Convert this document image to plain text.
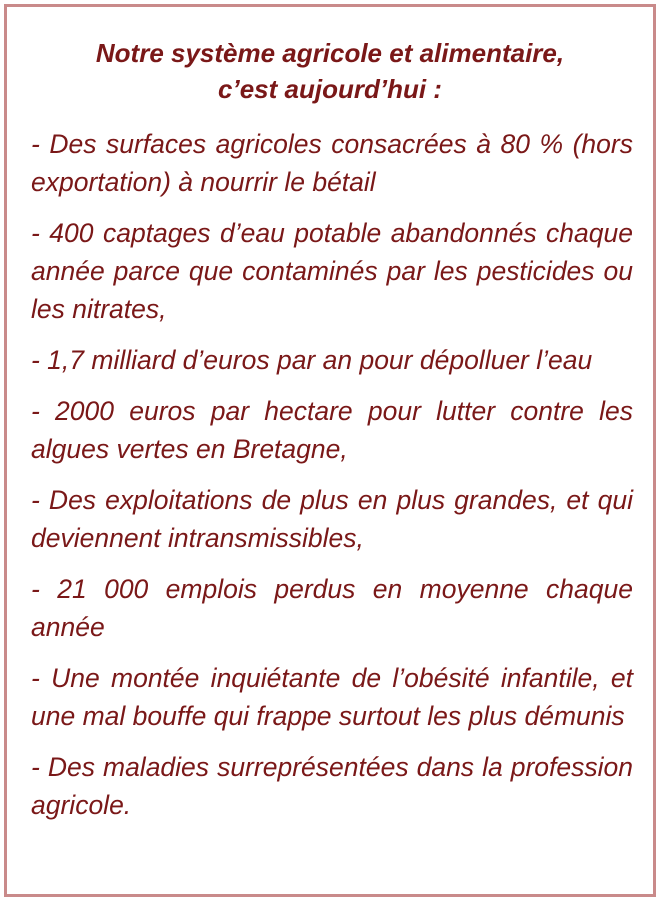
Notre système agricole et alimentaire,
c’est aujourd’hui :
- Des surfaces agricoles consacrées à 80 % (hors exportation) à nourrir le bétail
- 400 captages d’eau potable abandonnés chaque année parce que contaminés par les pesticides ou les nitrates,
- 1,7 milliard d’euros par an pour dépolluer l’eau
- 2000 euros par hectare pour lutter contre les algues vertes en Bretagne,
- Des exploitations de plus en plus grandes, et qui deviennent intransmissibles,
- 21 000 emplois perdus en moyenne chaque année
- Une montée inquiétante de l’obésité infantile, et une mal bouffe qui frappe surtout les plus démunis
- Des maladies surreprésentées dans la profession agricole.
